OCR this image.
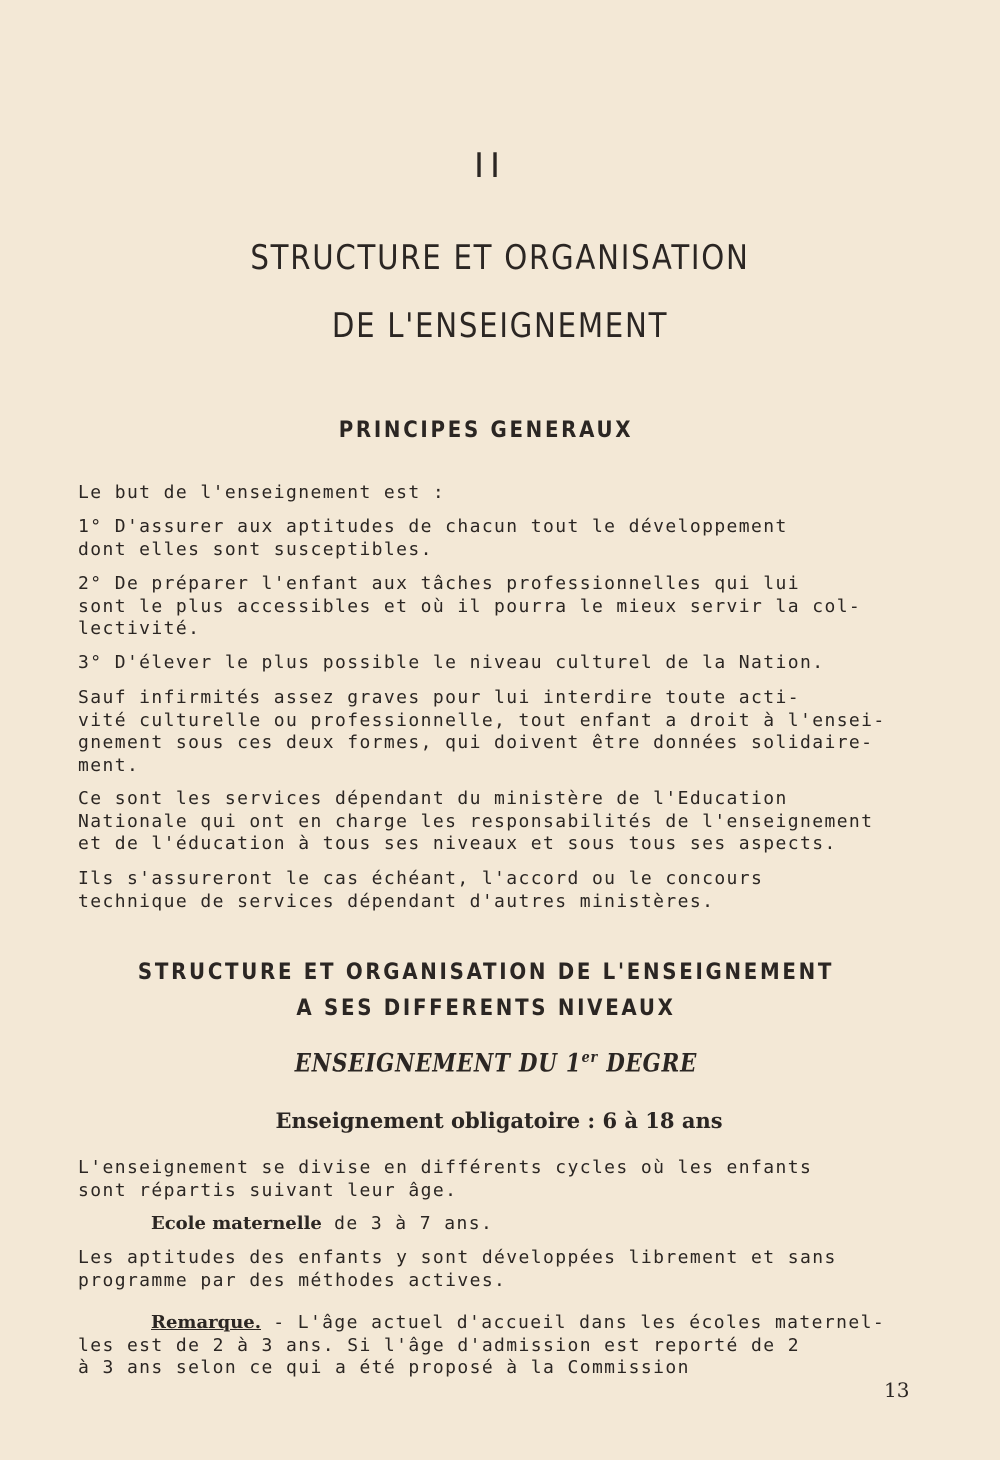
II
STRUCTURE ET ORGANISATION
DE L'ENSEIGNEMENT
PRINCIPES GENERAUX

Le but de l'enseignement est :

1° D'assurer aux aptitudes de chacun tout le développement
dont elles sont susceptibles.

2° De préparer l'enfant aux tâches professionnelles qui lui
sont le plus accessibles et où il pourra le mieux servir la col-
lectivité.

3° D'élever le plus possible le niveau culturel de la Nation.

Sauf infirmités assez graves pour lui interdire toute acti-
vité culturelle ou professionnelle, tout enfant a droit à l'ensei-
gnement sous ces deux formes, qui doivent être données solidaire-
ment.

Ce sont les services dépendant du ministère de l'Education
Nationale qui ont en charge les responsabilités de l'enseignement
et de l'éducation à tous ses niveaux et sous tous ses aspects.

Ils s'assureront le cas échéant, l'accord ou le concours
technique de services dépendant d'autres ministères.

STRUCTURE ET ORGANISATION DE L'ENSEIGNEMENT
A SES DIFFERENTS NIVEAUX
ENSEIGNEMENT DU 1er DEGRE
Enseignement obligatoire : 6 à 18 ans

L'enseignement se divise en différents cycles où les enfants
sont répartis suivant leur âge.

Ecole maternelle de 3 à 7 ans.

Les aptitudes des enfants y sont développées librement et sans
programme par des méthodes actives.

Remarque. - L'âge actuel d'accueil dans les écoles maternel-
les est de 2 à 3 ans. Si l'âge d'admission est reporté de 2
à 3 ans selon ce qui a été proposé à la Commission

13
